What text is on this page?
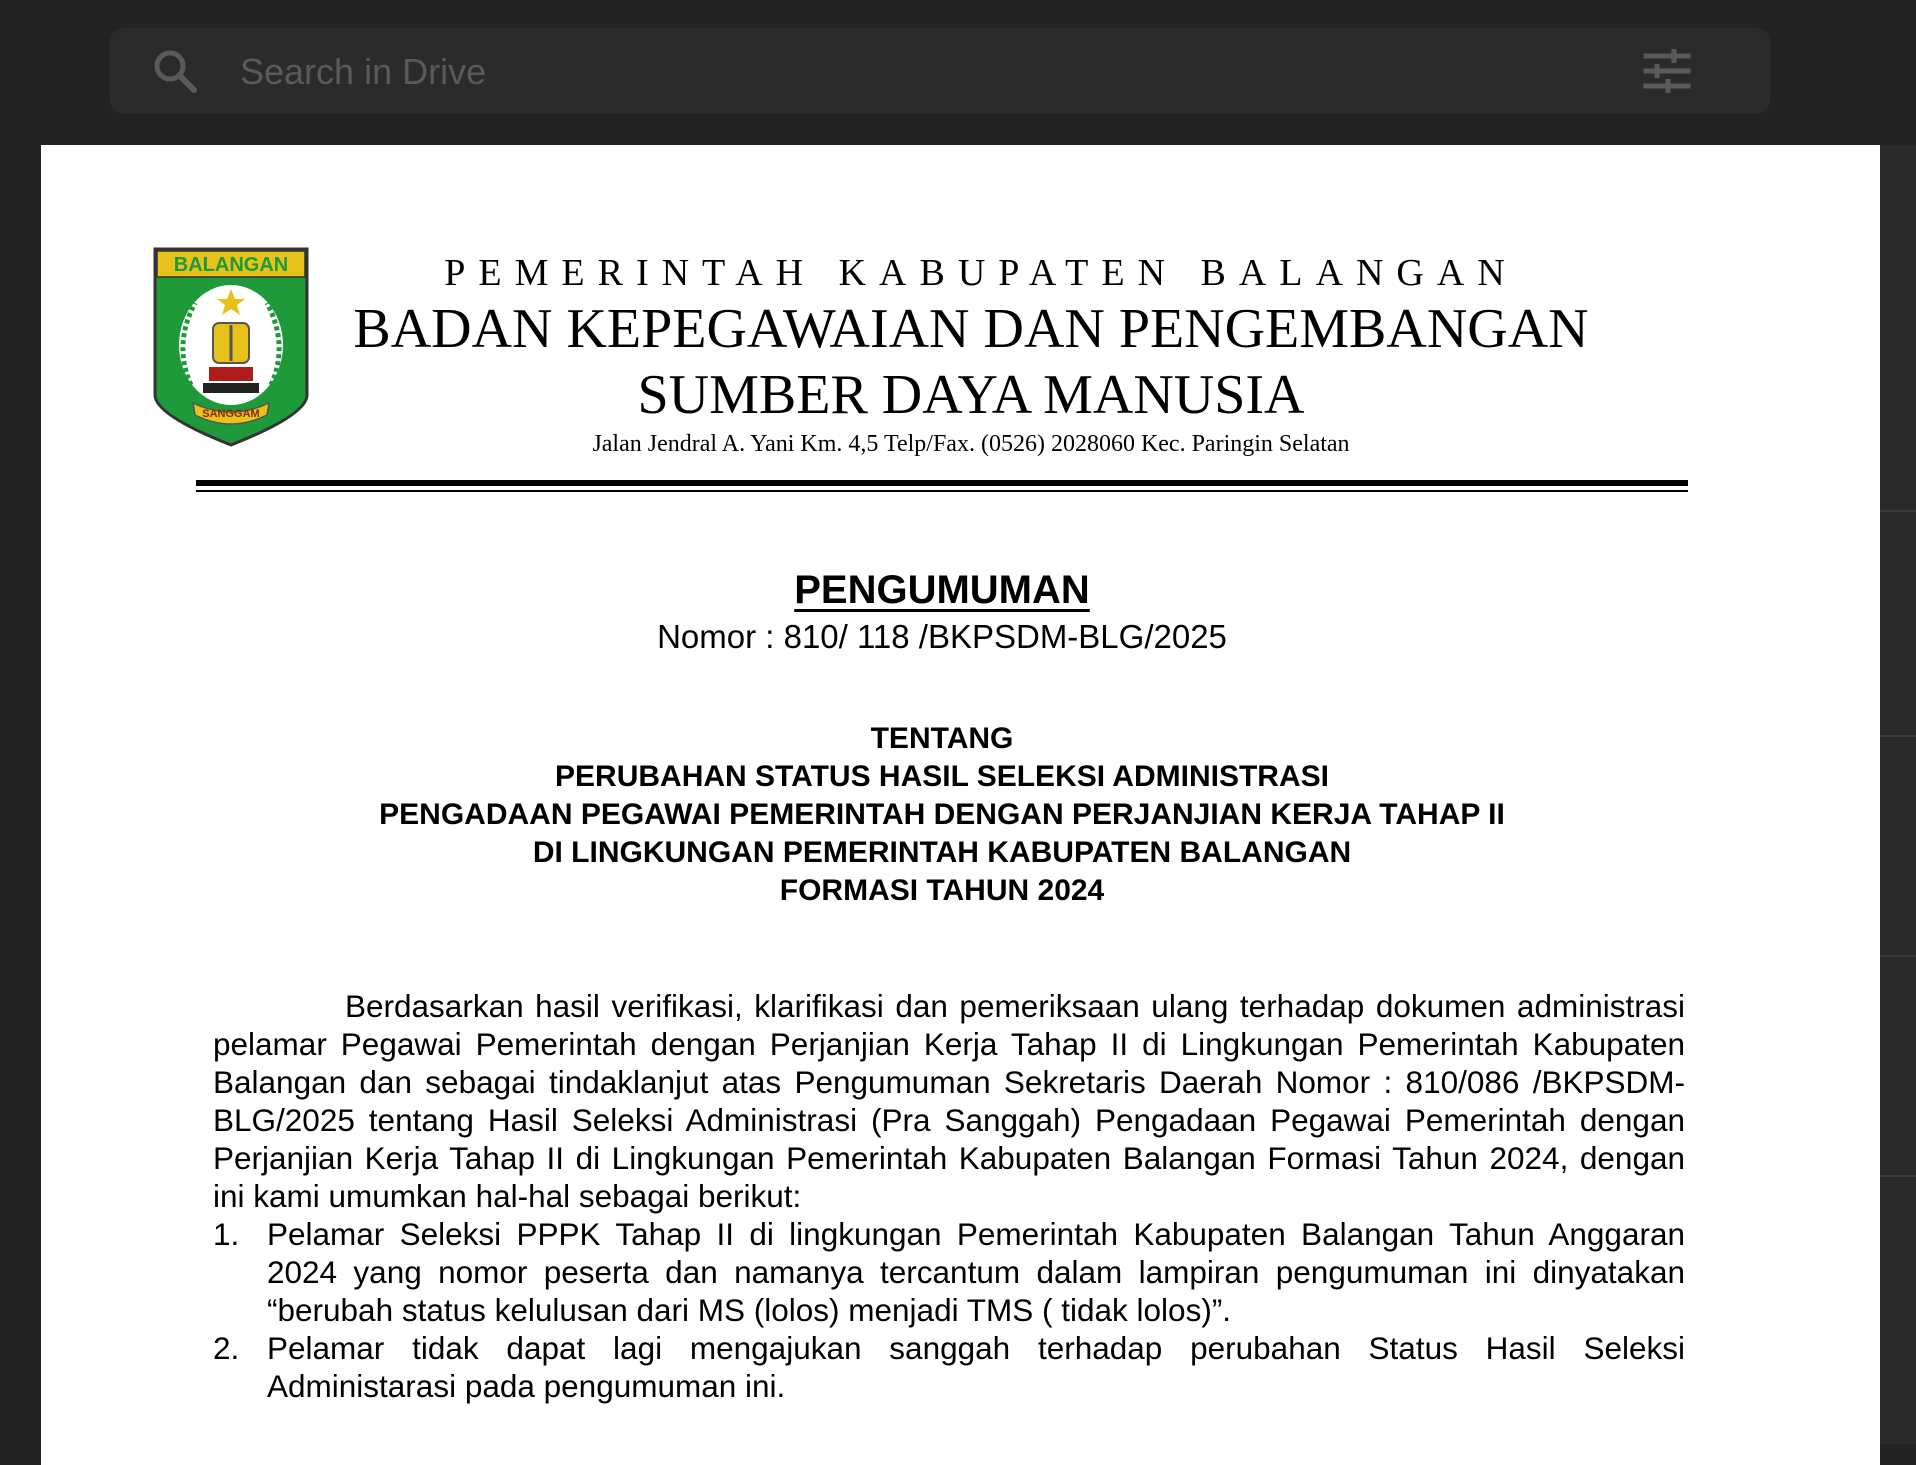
Search in Drive
BALANGAN
SANGGAM
PEMERINTAH KABUPATEN BALANGAN
BADAN KEPEGAWAIAN DAN PENGEMBANGAN
SUMBER DAYA MANUSIA
Jalan Jendral A. Yani Km. 4,5 Telp/Fax. (0526) 2028060 Kec. Paringin Selatan
PENGUMUMAN
Nomor : 810/ 118 /BKPSDM-BLG/2025
TENTANG
PERUBAHAN STATUS HASIL SELEKSI ADMINISTRASI
PENGADAAN PEGAWAI PEMERINTAH DENGAN PERJANJIAN KERJA TAHAP II
DI LINGKUNGAN PEMERINTAH KABUPATEN BALANGAN
FORMASI TAHUN 2024

Berdasarkan hasil verifikasi, klarifikasi dan pemeriksaan ulang terhadap dokumen administrasi pelamar Pegawai Pemerintah dengan Perjanjian Kerja Tahap II di Lingkungan Pemerintah Kabupaten Balangan dan sebagai tindaklanjut atas Pengumuman Sekretaris Daerah Nomor : 810/086 /BKPSDM-BLG/2025 tentang Hasil Seleksi Administrasi (Pra Sanggah) Pengadaan Pegawai Pemerintah dengan Perjanjian Kerja Tahap II di Lingkungan Pemerintah Kabupaten Balangan Formasi Tahun 2024, dengan ini kami umumkan hal-hal sebagai berikut:

1. Pelamar Seleksi PPPK Tahap II di lingkungan Pemerintah Kabupaten Balangan Tahun Anggaran 2024 yang nomor peserta dan namanya tercantum dalam lampiran pengumuman ini dinyatakan “berubah status kelulusan dari MS (lolos) menjadi TMS ( tidak lolos)”.
2. Pelamar tidak dapat lagi mengajukan sanggah terhadap perubahan Status Hasil Seleksi Administarasi pada pengumuman ini.
